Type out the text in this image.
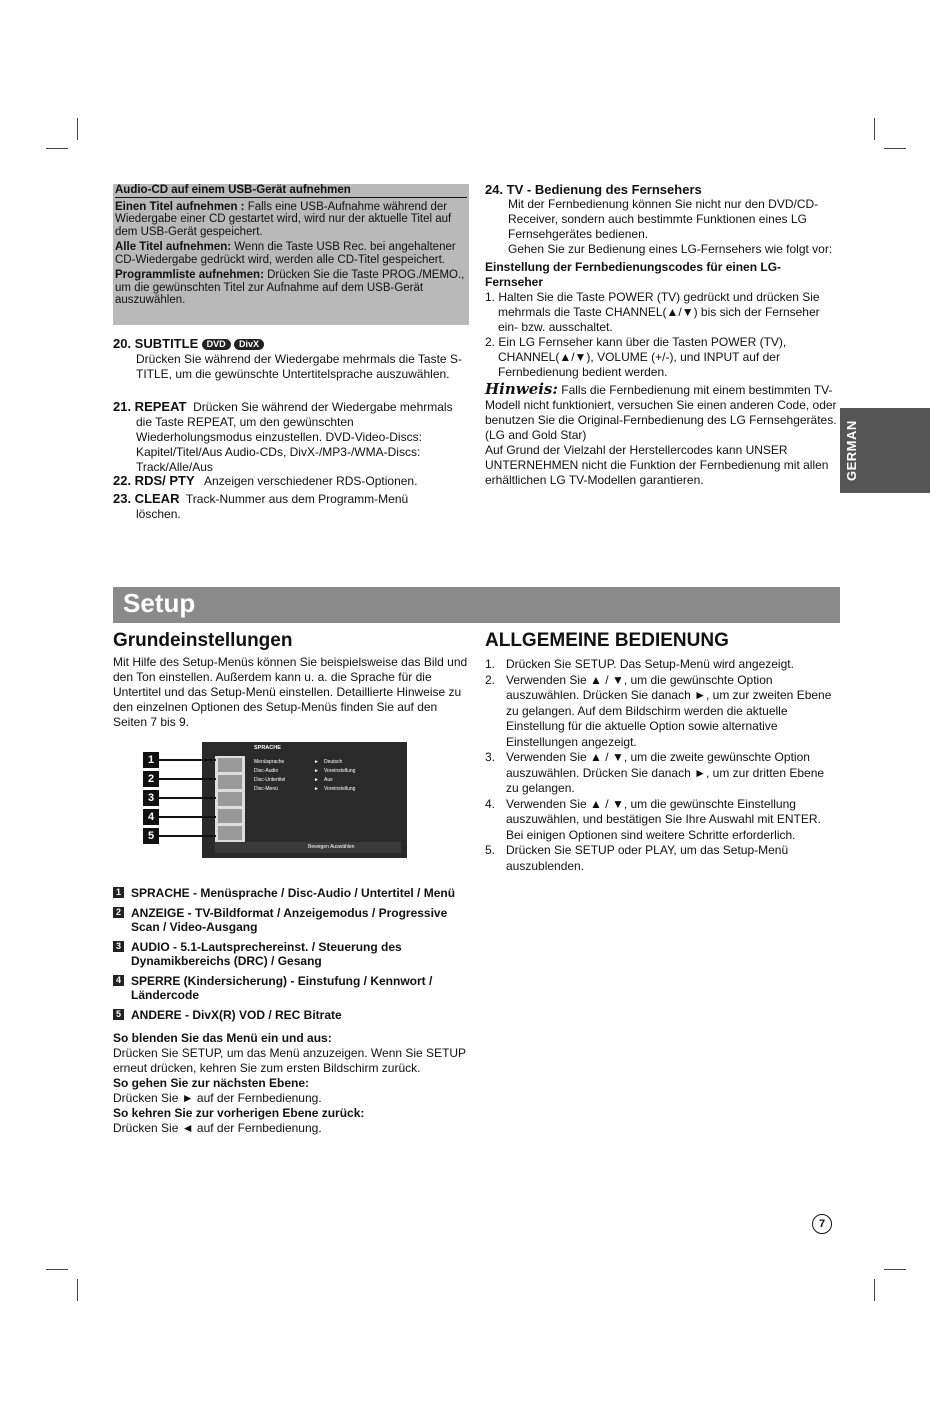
Audio-CD auf einem USB-Gerät aufnehmen
Einen Titel aufnehmen : Falls eine USB-Aufnahme während der Wiedergabe einer CD gestartet wird, wird nur der aktuelle Titel auf dem USB-Gerät gespeichert.
Alle Titel aufnehmen: Wenn die Taste USB Rec. bei angehaltener CD-Wiedergabe gedrückt wird, werden alle CD-Titel gespeichert.
Programmliste aufnehmen: Drücken Sie die Taste PROG./MEMO., um die gewünschten Titel zur Aufnahme auf dem USB-Gerät auszuwählen.
20. SUBTITLE DVD DivX
Drücken Sie während der Wiedergabe mehrmals die Taste S-TITLE, um die gewünschte Untertitelsprache auszuwählen.
21. REPEAT Drücken Sie während der Wiedergabe mehrmals
die Taste REPEAT, um den gewünschten Wiederholungsmodus einzustellen. DVD-Video-Discs: Kapitel/Titel/Aus Audio-CDs, DivX-/MP3-/WMA-Discs: Track/Alle/Aus
22. RDS/ PTY Anzeigen verschiedener RDS-Optionen.
23. CLEAR Track-Nummer aus dem Programm-Menü
löschen.
24. TV - Bedienung des Fernsehers
Mit der Fernbedienung können Sie nicht nur den DVD/CD-Receiver, sondern auch bestimmte Funktionen eines LG Fernsehgerätes bedienen.
Gehen Sie zur Bedienung eines LG-Fernsehers wie folgt vor:
Einstellung der Fernbedienungscodes für einen LG-Fernseher
1. Halten Sie die Taste POWER (TV) gedrückt und drücken Sie mehrmals die Taste CHANNEL(▲/▼) bis sich der Fernseher ein- bzw. ausschaltet.
2. Ein LG Fernseher kann über die Tasten POWER (TV), CHANNEL(▲/▼), VOLUME (+/-), und INPUT auf der Fernbedienung bedient werden.
Hinweis: Falls die Fernbedienung mit einem bestimmten TV-Modell nicht funktioniert, versuchen Sie einen anderen Code, oder benutzen Sie die Original-Fernbedienung des LG Fernsehgerätes. (LG and Gold Star)
Auf Grund der Vielzahl der Herstellercodes kann UNSER UNTERNEHMEN nicht die Funktion der Fernbedienung mit allen erhältlichen LG TV-Modellen garantieren.	GERMAN
Setup
Grundeinstellungen
Mit Hilfe des Setup-Menüs können Sie beispielsweise das Bild und den Ton einstellen. Außerdem kann u. a. die Sprache für die Untertitel und das Setup-Menü einstellen. Detaillierte Hinweise zu den einzelnen Optionen des Setup-Menüs finden Sie auf den Seiten 7 bis 9.
SPRACHE
Menüsprache	► Deutsch
Disc-Audio	► Voreinstellung
Disc-Untertitel	► Aus
Disc-Menü	► Voreinstellung
Bewegen Auswählen
1
2
3
4
5
1 SPRACHE - Menüsprache / Disc-Audio / Untertitel / Menü
2 ANZEIGE - TV-Bildformat / Anzeigemodus / Progressive Scan / Video-Ausgang
3 AUDIO - 5.1-Lautsprechereinst. / Steuerung des Dynamikbereichs (DRC) / Gesang
4 SPERRE (Kindersicherung) - Einstufung / Kennwort / Ländercode
5 ANDERE - DivX(R) VOD / REC Bitrate
So blenden Sie das Menü ein und aus:
Drücken Sie SETUP, um das Menü anzuzeigen. Wenn Sie SETUP erneut drücken, kehren Sie zum ersten Bildschirm zurück.
So gehen Sie zur nächsten Ebene:
Drücken Sie ► auf der Fernbedienung.
So kehren Sie zur vorherigen Ebene zurück:
Drücken Sie ◄ auf der Fernbedienung.
ALLGEMEINE BEDIENUNG
1. Drücken Sie SETUP. Das Setup-Menü wird angezeigt.
2. Verwenden Sie ▲ / ▼, um die gewünschte Option auszuwählen. Drücken Sie danach ►, um zur zweiten Ebene zu gelangen. Auf dem Bildschirm werden die aktuelle Einstellung für die aktuelle Option sowie alternative Einstellungen angezeigt.
3. Verwenden Sie ▲ / ▼, um die zweite gewünschte Option auszuwählen. Drücken Sie danach ►, um zur dritten Ebene zu gelangen.
4. Verwenden Sie ▲ / ▼, um die gewünschte Einstellung auszuwählen, und bestätigen Sie Ihre Auswahl mit ENTER. Bei einigen Optionen sind weitere Schritte erforderlich.
5. Drücken Sie SETUP oder PLAY, um das Setup-Menü auszublenden.
7
